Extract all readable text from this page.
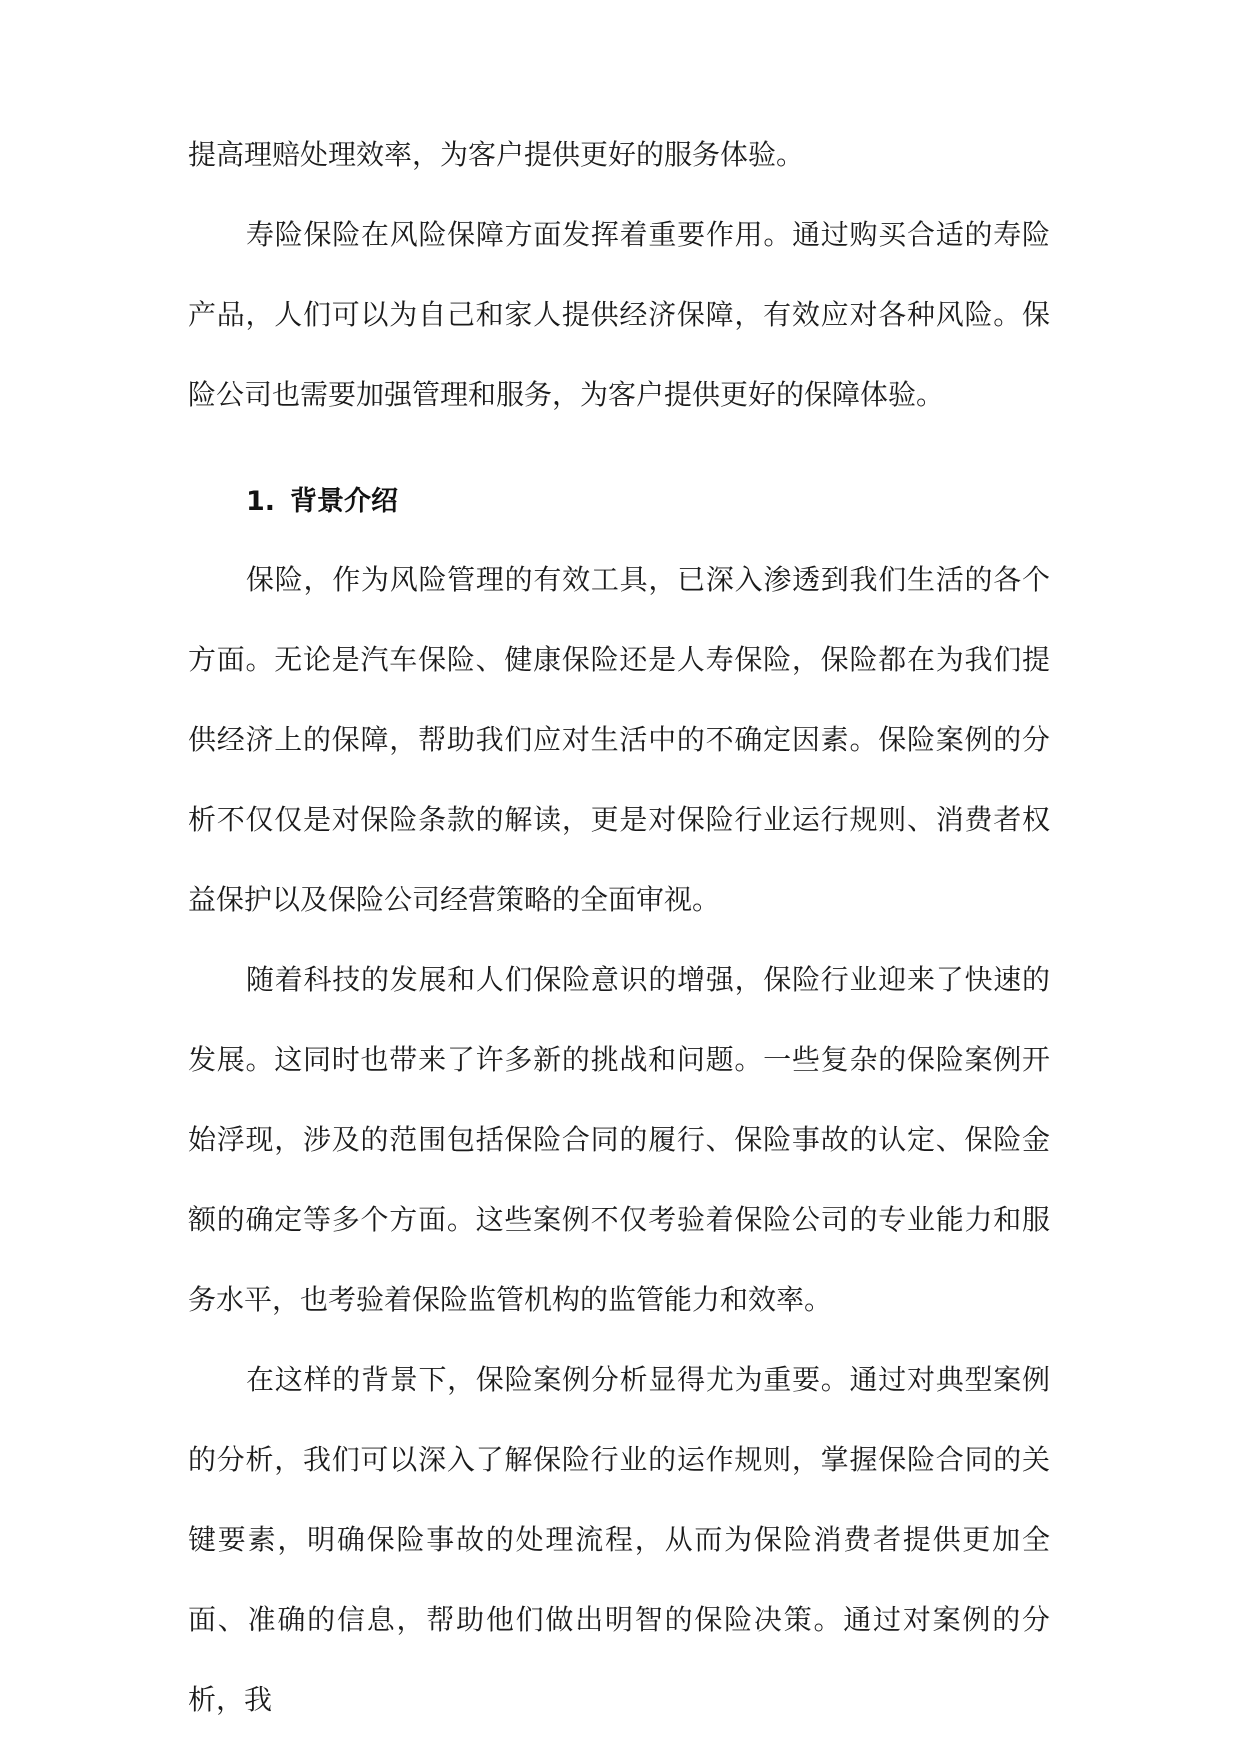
提高理赔处理效率，为客户提供更好的服务体验。

寿险保险在风险保障方面发挥着重要作用。通过购买合适的寿险产品，人们可以为自己和家人提供经济保障，有效应对各种风险。保险公司也需要加强管理和服务，为客户提供更好的保障体验。

1. 背景介绍

保险，作为风险管理的有效工具，已深入渗透到我们生活的各个方面。无论是汽车保险、健康保险还是人寿保险，保险都在为我们提供经济上的保障，帮助我们应对生活中的不确定因素。保险案例的分析不仅仅是对保险条款的解读，更是对保险行业运行规则、消费者权益保护以及保险公司经营策略的全面审视。

随着科技的发展和人们保险意识的增强，保险行业迎来了快速的发展。这同时也带来了许多新的挑战和问题。一些复杂的保险案例开始浮现，涉及的范围包括保险合同的履行、保险事故的认定、保险金额的确定等多个方面。这些案例不仅考验着保险公司的专业能力和服务水平，也考验着保险监管机构的监管能力和效率。

在这样的背景下，保险案例分析显得尤为重要。通过对典型案例的分析，我们可以深入了解保险行业的运作规则，掌握保险合同的关键要素，明确保险事故的处理流程，从而为保险消费者提供更加全面、准确的信息，帮助他们做出明智的保险决策。通过对案例的分析，我
